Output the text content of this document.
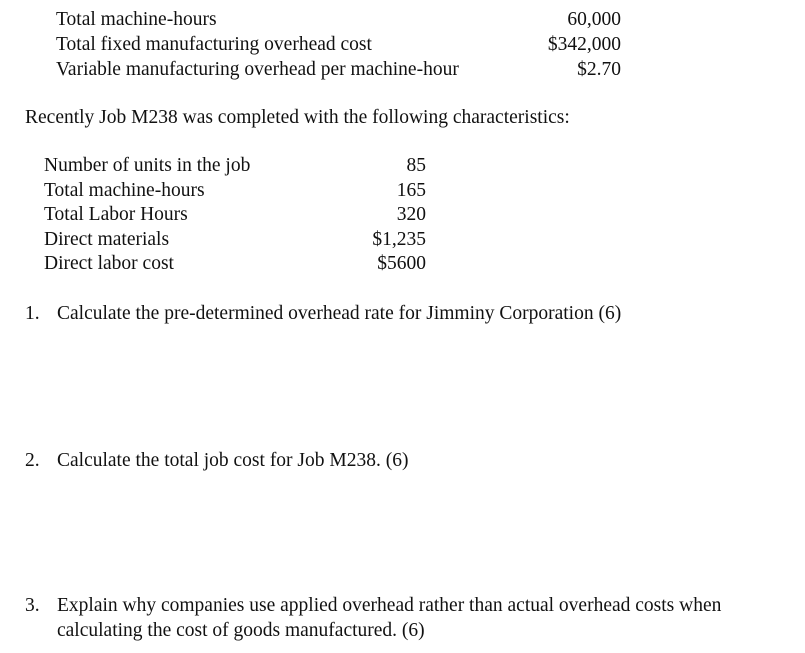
Total machine-hours	60,000
Total fixed manufacturing overhead cost	$342,000
Variable manufacturing overhead per machine-hour	$2.70
Recently Job M238 was completed with the following characteristics:
Number of units in the job	85
Total machine-hours	165
Total Labor Hours	320
Direct materials	$1,235
Direct labor cost	$5600
1. Calculate the pre-determined overhead rate for Jimminy Corporation (6)
2. Calculate the total job cost for Job M238. (6)
3. Explain why companies use applied overhead rather than actual overhead costs when
calculating the cost of goods manufactured. (6)
